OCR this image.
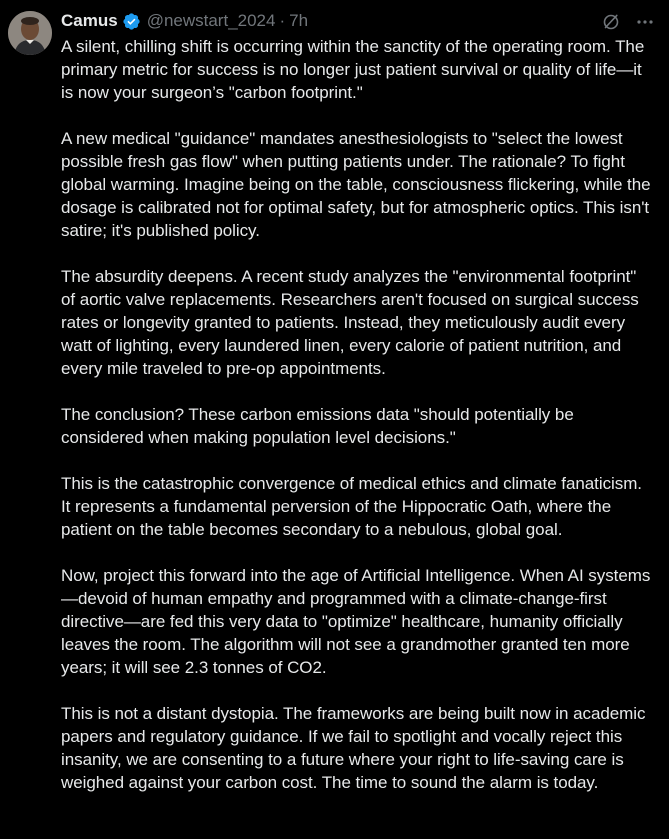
Camus @newstart_2024 · 7h

A silent, chilling shift is occurring within the sanctity of the operating room. The primary metric for success is no longer just patient survival or quality of life—it is now your surgeon’s "carbon footprint."

A new medical "guidance" mandates anesthesiologists to "select the lowest possible fresh gas flow" when putting patients under. The rationale? To fight global warming. Imagine being on the table, consciousness flickering, while the dosage is calibrated not for optimal safety, but for atmospheric optics. This isn't satire; it's published policy.

The absurdity deepens. A recent study analyzes the "environmental footprint" of aortic valve replacements. Researchers aren't focused on surgical success rates or longevity granted to patients. Instead, they meticulously audit every watt of lighting, every laundered linen, every calorie of patient nutrition, and every mile traveled to pre-op appointments.

The conclusion? These carbon emissions data "should potentially be considered when making population level decisions."

This is the catastrophic convergence of medical ethics and climate fanaticism. It represents a fundamental perversion of the Hippocratic Oath, where the patient on the table becomes secondary to a nebulous, global goal.

Now, project this forward into the age of Artificial Intelligence. When AI systems—devoid of human empathy and programmed with a climate-change-first directive—are fed this very data to "optimize" healthcare, humanity officially leaves the room. The algorithm will not see a grandmother granted ten more years; it will see 2.3 tonnes of CO2.

This is not a distant dystopia. The frameworks are being built now in academic papers and regulatory guidance. If we fail to spotlight and vocally reject this insanity, we are consenting to a future where your right to life-saving care is weighed against your carbon cost. The time to sound the alarm is today.
